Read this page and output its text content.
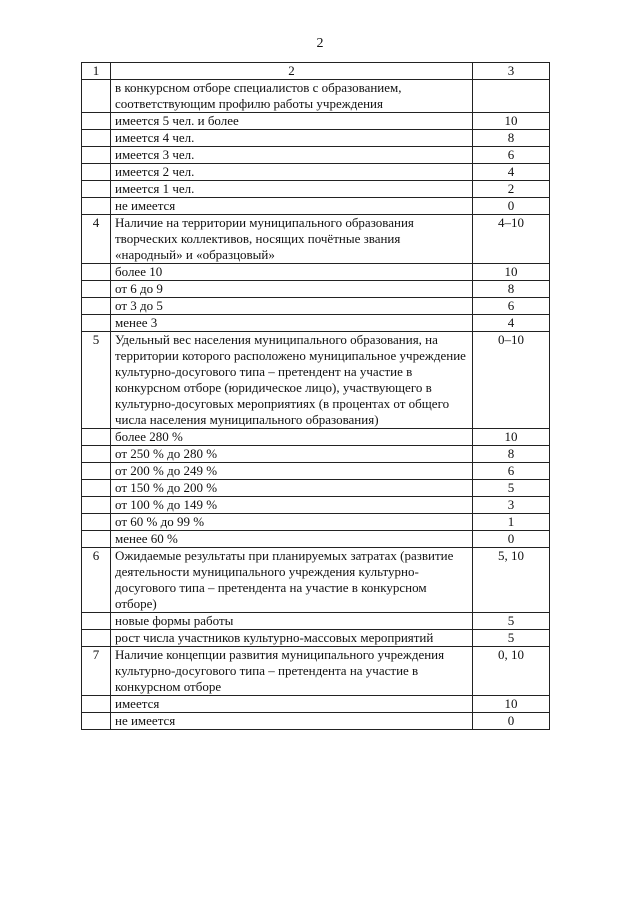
2
1	2	3
	в конкурсном отборе специалистов с образованием, соответствующим профилю работы учреждения	
	имеется 5 чел. и более	10
	имеется 4 чел.	8
	имеется 3 чел.	6
	имеется 2 чел.	4
	имеется 1 чел.	2
	не имеется	0
4	Наличие на территории муниципального образования творческих коллективов, носящих почётные звания «народный» и «образцовый»	4–10
	более 10	10
	от 6 до 9	8
	от 3 до 5	6
	менее 3	4
5	Удельный вес населения муниципального образования, на территории которого расположено муниципальное учреждение культурно-досугового типа – претендент на участие в конкурсном отборе (юридическое лицо), участвующего в культурно-досуговых мероприятиях (в процентах от общего числа населения муниципального образования)	0–10
	более 280 %	10
	от 250 % до 280 %	8
	от 200 % до 249 %	6
	от 150 % до 200 %	5
	от 100 % до 149 %	3
	от 60 % до 99 %	1
	менее 60 %	0
6	Ожидаемые результаты при планируемых затратах (развитие деятельности муниципального учреждения культурно-досугового типа – претендента на участие в конкурсном отборе)	5, 10
	новые формы работы	5
	рост числа участников культурно-массовых мероприятий	5
7	Наличие концепции развития муниципального учреждения культурно-досугового типа – претендента на участие в конкурсном отборе	0, 10
	имеется	10
	не имеется	0
